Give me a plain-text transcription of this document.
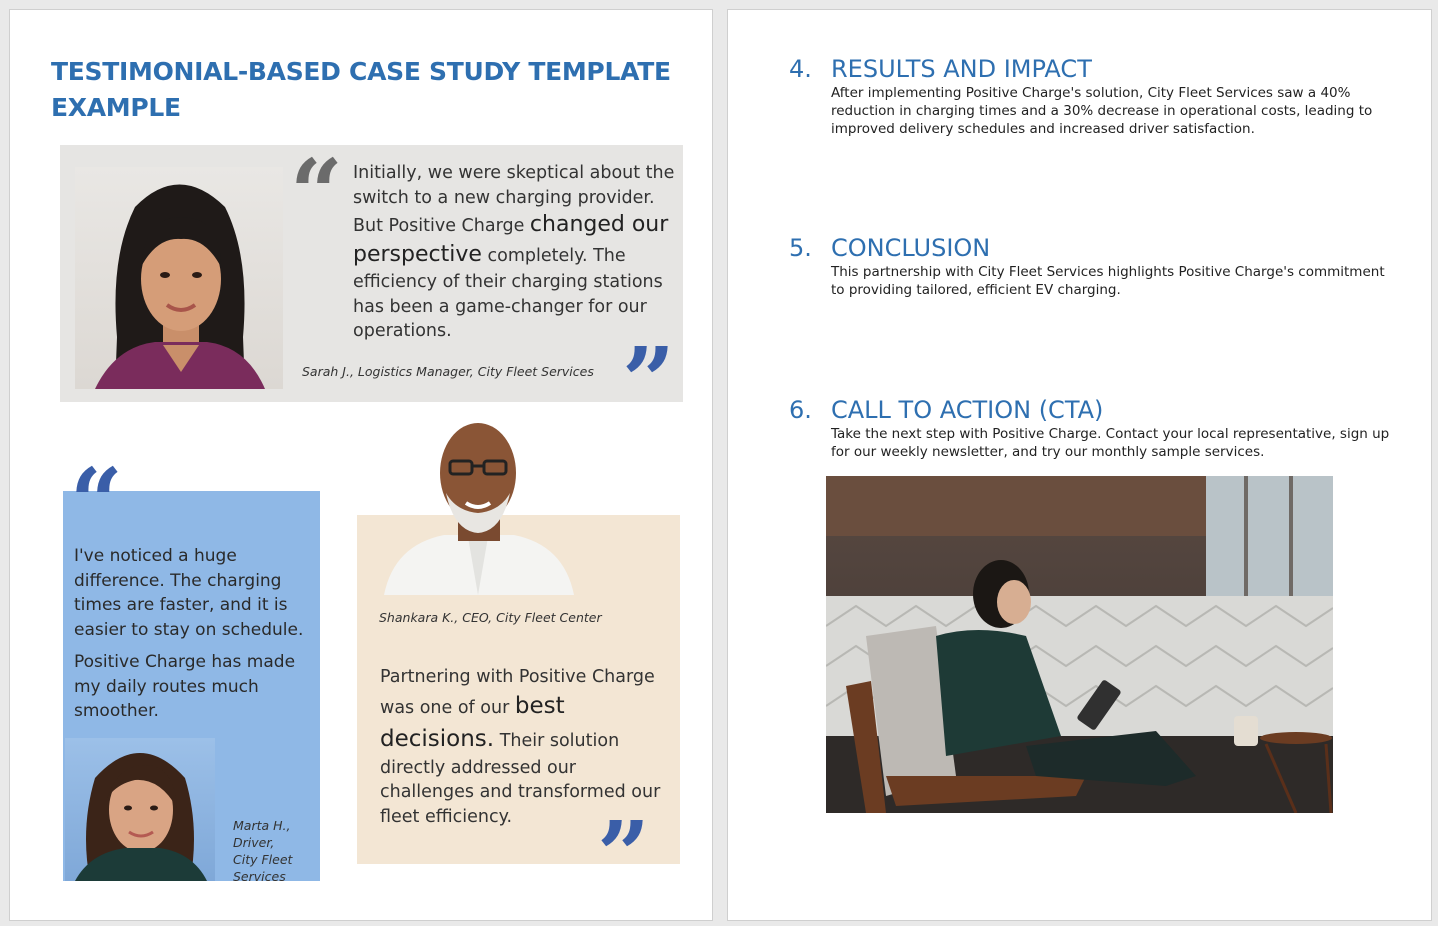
TESTIMONIAL-BASED CASE STUDY TEMPLATE EXAMPLE
“ Initially, we were skeptical about the switch to a new charging provider. But Positive Charge changed our perspective completely. The efficiency of their charging stations has been a game-changer for our operations.
Sarah J., Logistics Manager, City Fleet Services ”
“

I've noticed a huge difference. The charging times are faster, and it is easier to stay on schedule.

Positive Charge has made my daily routes much smoother.

Marta H.,
Driver,
City Fleet Services
Shankara K., CEO, City Fleet Center
Partnering with Positive Charge was one of our best decisions. Their solution directly addressed our challenges and transformed our fleet efficiency. ”
4. RESULTS AND IMPACT
After implementing Positive Charge's solution, City Fleet Services saw a 40% reduction in charging times and a 30% decrease in operational costs, leading to improved delivery schedules and increased driver satisfaction.
5. CONCLUSION
This partnership with City Fleet Services highlights Positive Charge's commitment to providing tailored, efficient EV charging.
6. CALL TO ACTION (CTA)
Take the next step with Positive Charge. Contact your local representative, sign up for our weekly newsletter, and try our monthly sample services.
